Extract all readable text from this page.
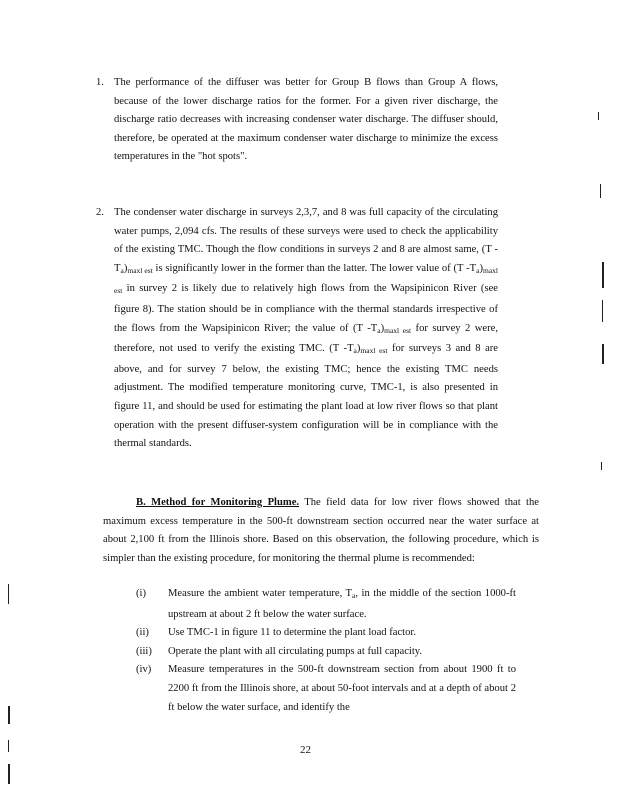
1. The performance of the diffuser was better for Group B flows than Group A flows, because of the lower discharge ratios for the former. For a given river discharge, the discharge ratio decreases with increasing condenser water discharge. The diffuser should, therefore, be operated at the maximum condenser water discharge to minimize the excess temperatures in the "hot spots".
2. The condenser water discharge in surveys 2,3,7, and 8 was full capacity of the circulating water pumps, 2,094 cfs. The results of these surveys were used to check the applicability of the existing TMC. Though the flow conditions in surveys 2 and 8 are almost same, (T $-T_a)_{maxl est}$ is significantly lower in the former than the latter. The lower value of (T $-T_a)_{maxl est}$ in survey 2 is likely due to relatively high flows from the Wapsipinicon River (see figure 8). The station should be in compliance with the thermal standards irrespective of the flows from the Wapsipinicon River; the value of (T $-T_a)_{maxl est}$ for survey 2 were, therefore, not used to verify the existing TMC. (T $-T_a)_{maxl est}$ for surveys 3 and 8 are above, and for survey 7 below, the existing TMC; hence the existing TMC needs adjustment. The modified temperature monitoring curve, TMC-1, is also presented in figure 11, and should be used for estimating the plant load at low river flows so that plant operation with the present diffuser-system configuration will be in compliance with the thermal standards.
B. Method for Monitoring Plume. The field data for low river flows showed that the maximum excess temperature in the 500-ft downstream section occurred near the water surface at about 2,100 ft from the Illinois shore. Based on this observation, the following procedure, which is simpler than the existing procedure, for monitoring the thermal plume is recommended:
(i) Measure the ambient water temperature, $T_a$, in the middle of the section 1000-ft upstream at about 2 ft below the water surface.
(ii) Use TMC-1 in figure 11 to determine the plant load factor.
(iii) Operate the plant with all circulating pumps at full capacity.
(iv) Measure temperatures in the 500-ft downstream section from about 1900 ft to 2200 ft from the Illinois shore, at about 50-foot intervals and at a depth of about 2 ft below the water surface, and identify the
22
